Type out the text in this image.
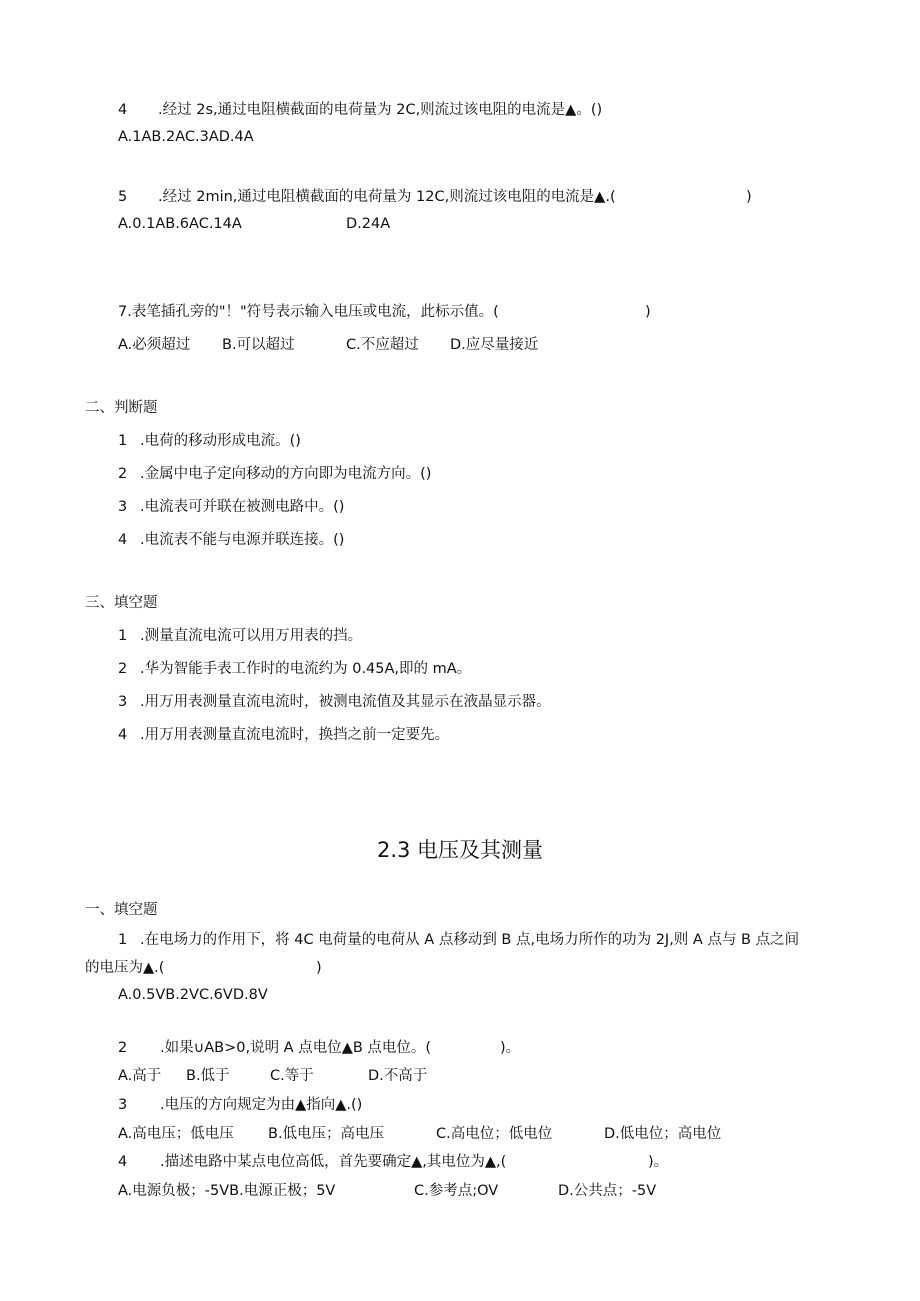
4 .经过 2s,通过电阻横截面的电荷量为 2C,则流过该电阻的电流是▲。()
A.1AB.2AC.3AD.4A
5 .经过 2min,通过电阻横截面的电荷量为 12C,则流过该电阻的电流是▲.(	)
A.0.1AB.6AC.14A	D.24A
7.表笔插孔旁的"！"符号表示输入电压或电流，此标示值。(	)
A.必须超过 B.可以超过	C.不应超过 D.应尽量接近
二、判断题
1 .电荷的移动形成电流。()
2 .金属中电子定向移动的方向即为电流方向。()
3 .电流表可并联在被测电路中。()
4 .电流表不能与电源并联连接。()
三、填空题
1 .测量直流电流可以用万用表的挡。
2 .华为智能手表工作时的电流约为 0.45A,即的 mA。
3 .用万用表测量直流电流时，被测电流值及其显示在液晶显示器。
4 .用万用表测量直流电流时，换挡之前一定要先。
2.3 电压及其测量
一、填空题
1 .在电场力的作用下，将 4C 电荷量的电荷从 A 点移动到 B 点,电场力所作的功为 2J,则 A 点与 B 点之间
的电压为▲.(	)
A.0.5VB.2VC.6VD.8V
2 .如果∪AB>0,说明 A 点电位▲B 点电位。(	)。
A.高于 B.低于	C.等于	D.不高于
3 .电压的方向规定为由▲指向▲.()
A.高电压；低电压 B.低电压；高电压	C.高电位；低电位	D.低电位；高电位
4 .描述电路中某点电位高低，首先要确定▲,其电位为▲,(	)。
A.电源负极；-5VB.电源正极；5V	C.参考点;OV	D.公共点；-5V
